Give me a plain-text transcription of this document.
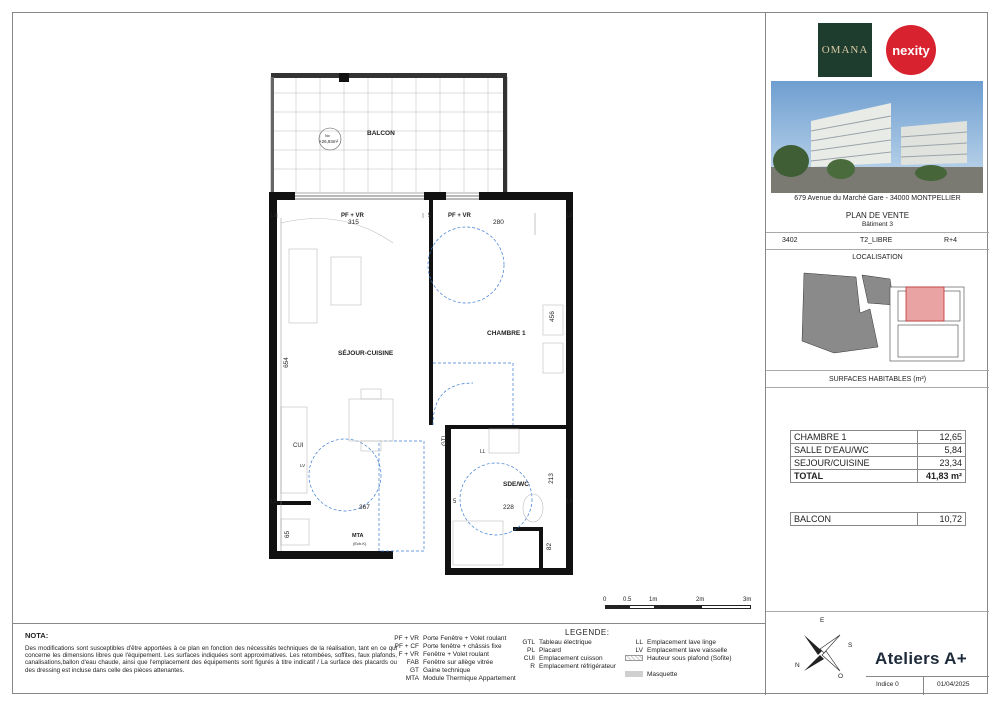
BALCON
Nv
+26,93m²
SÉJOUR-CUISINE
CHAMBRE 1
SDE/WC
PF + VR	PF + VR
315	280
456
654
367	228
213
82
65
18	18
18	18
5
5
CUI
LV
GTL
LL
MTA
(Ech.K)
0	0.5	1m	2m	3m
OMANA	nexity
679 Avenue du Marché Gare - 34000 MONTPELLIER
PLAN DE VENTE
Bâtiment 3
3402	T2_LIBRE	R+4
LOCALISATION
SURFACES HABITABLES (m²)
CHAMBRE 1	12,65
SALLE D'EAU/WC	5,84
SEJOUR/CUISINE	23,34
TOTAL	41,83 m²
BALCON	10,72
N
S
E
O
NOTA:
Des modifications sont susceptibles d'être apportées à ce plan en fonction des nécessités techniques de la réalisation, tant en ce qui concerne les dimensions libres que l'équipement. Les surfaces indiquées sont approximatives. Les retombées, soffites, faux plafonds, canalisations,ballon d'eau chaude, ainsi que l'emplacement des équipements sont figurés à titre indicatif / La surface des placards ou des dressing est incluse dans celle des pièces attenantes.
LEGENDE:
PF + VR Porte Fenêtre + Volet roulant
PF + CF Porte fenêtre + châssis fixe
F + VR Fenêtre + Volet roulant
FAB Fenêtre sur allège vitrée
GT Gaine technique
MTA Module Thermique Appartement
GTL Tableau électrique
PL Placard
CUI Emplacement cuisson
R Emplacement réfrigérateur
LL Emplacement lave linge
LV Emplacement lave vaisselle
Hauteur sous plafond (Sofite)
Masquette
Ateliers A+
Indice 0	01/04/2025
